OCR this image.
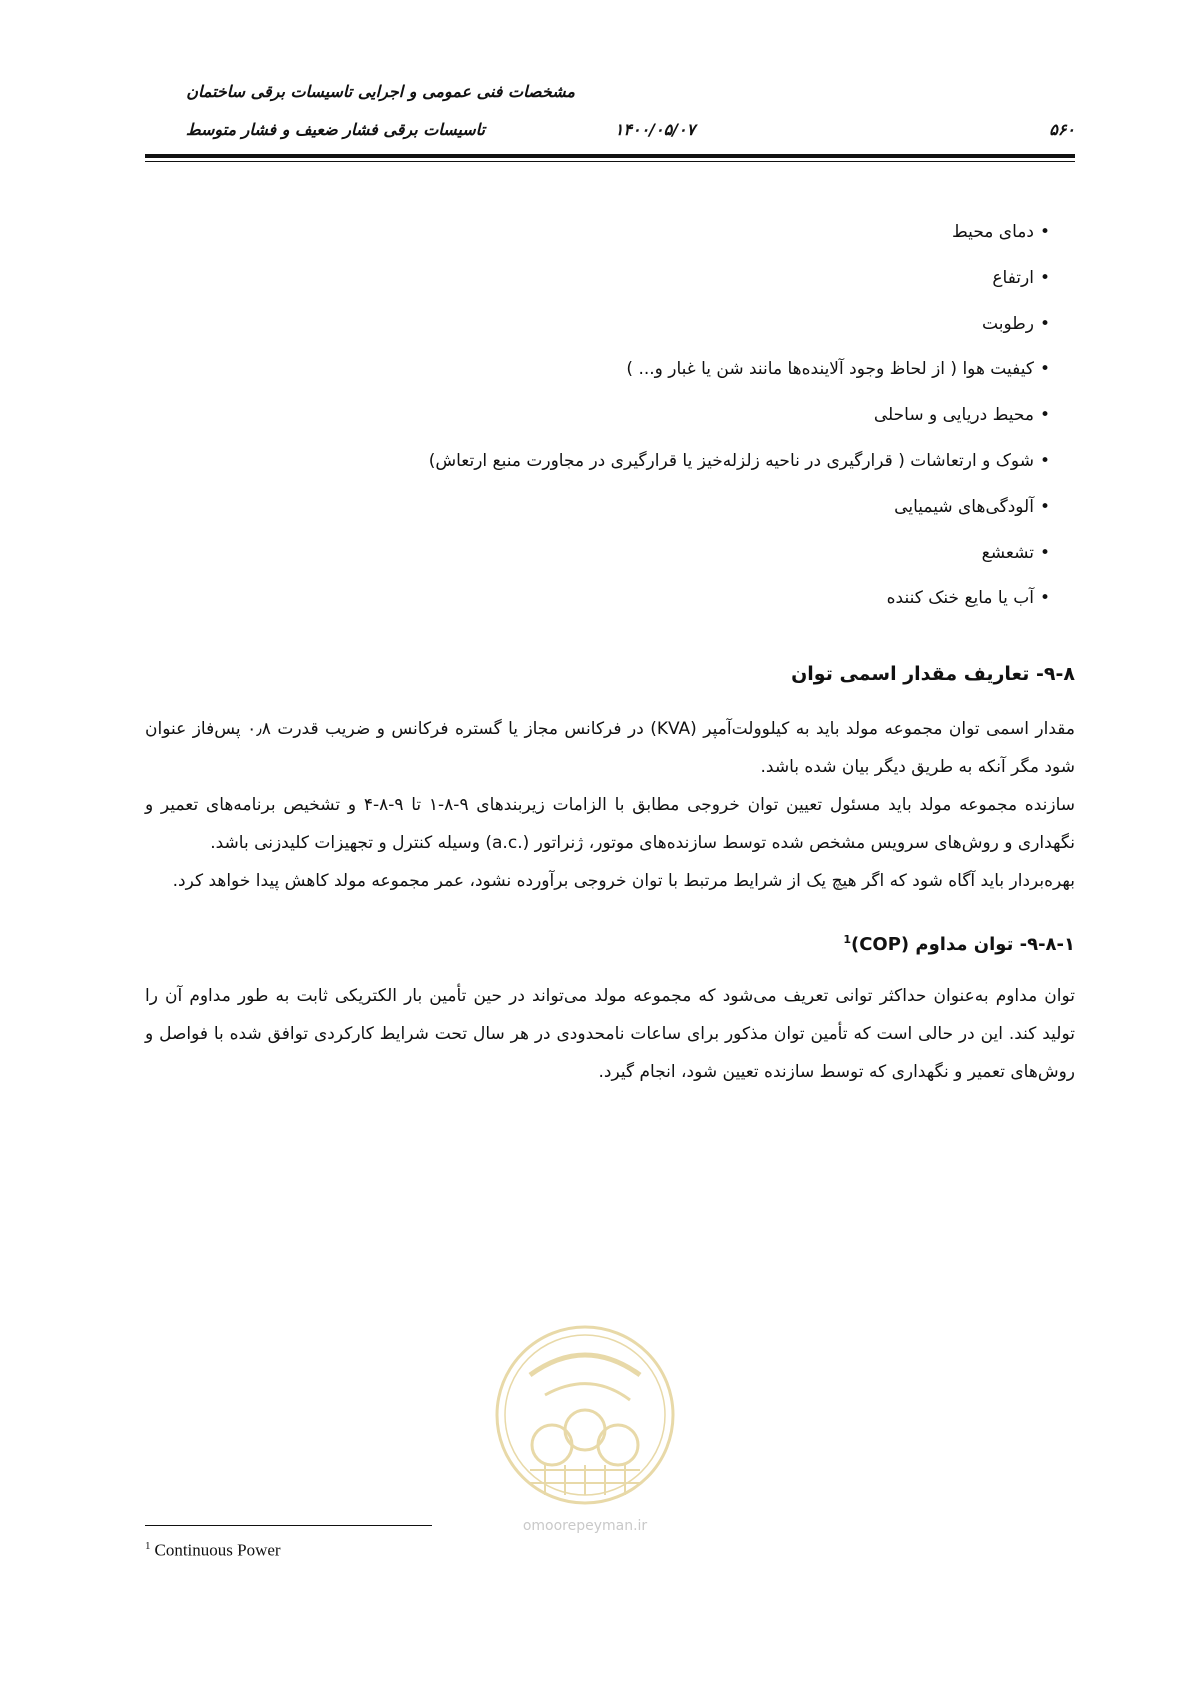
مشخصات فنی عمومی و اجرایی تاسیسات برقی ساختمان
تاسیسات برقی فشار ضعیف و فشار متوسط	۱۴۰۰/۰۵/۰۷	۵۶۰
•دمای محیط
•ارتفاع
•رطوبت
•کیفیت هوا ( از لحاظ وجود آلاینده‌ها مانند شن یا غبار و... )
•محیط دریایی و ساحلی
•شوک و ارتعاشات ( قرارگیری در ناحیه زلزله‌خیز یا قرارگیری در مجاورت منبع ارتعاش)
•آلودگی‌های شیمیایی
•تشعشع
•آب یا مایع خنک کننده
۹-۸- تعاریف مقدار اسمی توان

مقدار اسمی توان مجموعه مولد باید به کیلوولت‌آمپر (KVA) در فرکانس مجاز یا گستره فرکانس و ضریب قدرت ۰٫۸ پس‌فاز عنوان شود مگر آنکه به طریق دیگر بیان شده باشد.

سازنده مجموعه مولد باید مسئول تعیین توان خروجی مطابق با الزامات زیربندهای ۹-۸-۱ تا ۹-۸-۴ و تشخیص برنامه‌های تعمیر و نگهداری و روش‌های سرویس مشخص شده توسط سازنده‌های موتور، ژنراتور (.a.c) وسیله کنترل و تجهیزات کلیدزنی باشد.

بهره‌بردار باید آگاه شود که اگر هیچ یک از شرایط مرتبط با توان خروجی برآورده نشود، عمر مجموعه مولد کاهش پیدا خواهد کرد.

۹-۸-۱- توان مداوم (COP)$^1$

توان مداوم به‌عنوان حداکثر توانی تعریف می‌شود که مجموعه مولد می‌تواند در حین تأمین بار الکتریکی ثابت به طور مداوم آن را تولید کند. این در حالی است که تأمین توان مذکور برای ساعات نامحدودی در هر سال تحت شرایط کارکردی توافق شده با فواصل و روش‌های تعمیر و نگهداری که توسط سازنده تعیین شود، انجام گیرد.

omoorepeyman.ir
$^1$ Continuous Power
